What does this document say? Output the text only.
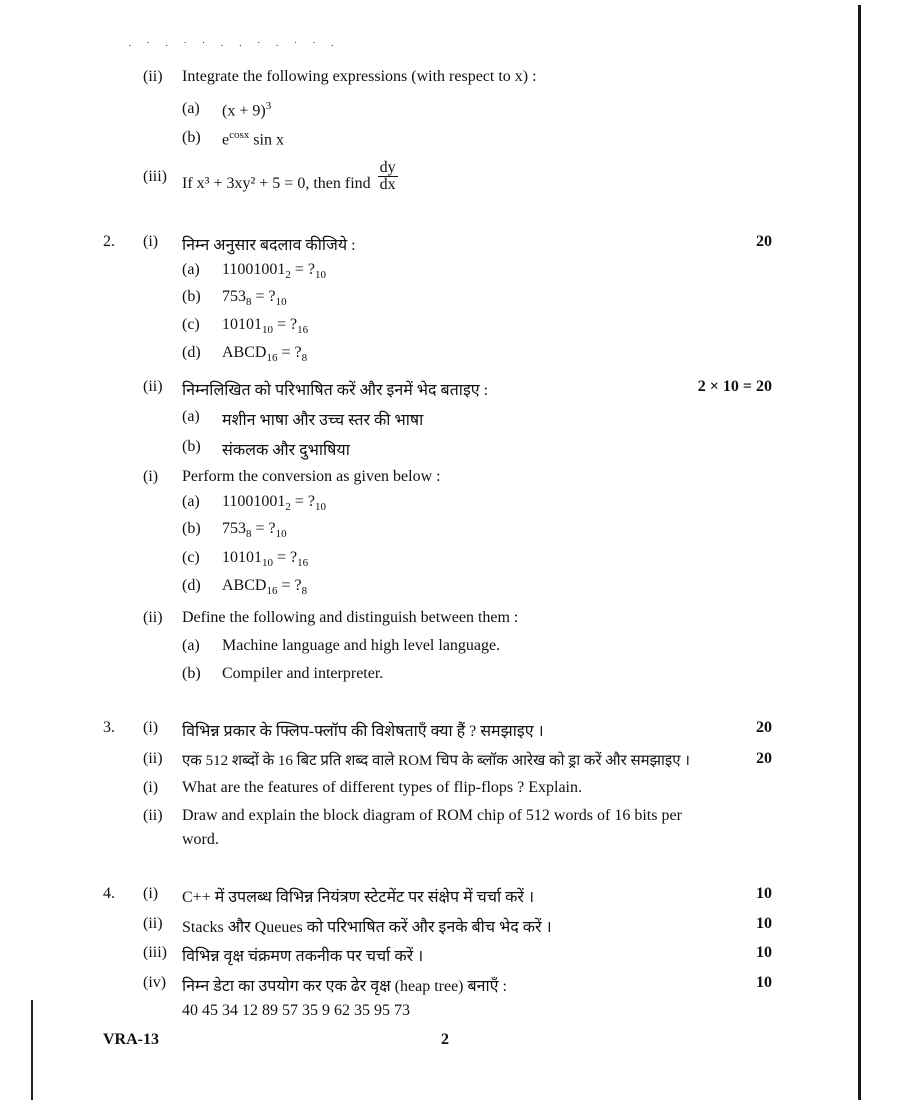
· ˙ · ˙ ˙ · · ˙ · ˙ ˙ ·
(ii) Integrate the following expressions (with respect to x) :
(a) $(x + 9)^3$
(b) $e^{cosx}$ sin x
(iii) If x³ + 3xy² + 5 = 0, then find $\frac{dy}{dx}$
2. (i) निम्न अनुसार बदलाव कीजिये :	20
(a) $11001001_2$ = $?_{10}$
(b) $753_8$ = $?_{10}$
(c) $10101_{10}$ = $?_{16}$
(d) $ABCD_{16}$ = $?_8$
(ii) निम्नलिखित को परिभाषित करें और इनमें भेद बताइए :	2 × 10 = 20
(a) मशीन भाषा और उच्च स्तर की भाषा
(b) संकलक और दुभाषिया
(i) Perform the conversion as given below :
(a) $11001001_2$ = $?_{10}$
(b) $753_8$ = $?_{10}$
(c) $10101_{10}$ = $?_{16}$
(d) $ABCD_{16}$ = $?_8$
(ii) Define the following and distinguish between them :
(a) Machine language and high level language.
(b) Compiler and interpreter.
3. (i) विभिन्न प्रकार के फ्लिप-फ्लॉप की विशेषताएँ क्या हैं ? समझाइए ।	20
(ii) एक 512 शब्दों के 16 बिट प्रति शब्द वाले ROM चिप के ब्लॉक आरेख को ड्रा करें और समझाइए ।	20
(i) What are the features of different types of flip-flops ? Explain.
(ii) Draw and explain the block diagram of ROM chip of 512 words of 16 bits per
word.
4. (i) C++ में उपलब्ध विभिन्न नियंत्रण स्टेटमेंट पर संक्षेप में चर्चा करें ।	10
(ii) Stacks और Queues को परिभाषित करें और इनके बीच भेद करें ।	10
(iii) विभिन्न वृक्ष चंक्रमण तकनीक पर चर्चा करें ।	10
(iv) निम्न डेटा का उपयोग कर एक ढेर वृक्ष (heap tree) बनाएँ :	10
40 45 34 12 89 57 35 9 62 35 95 73
VRA-13	2
